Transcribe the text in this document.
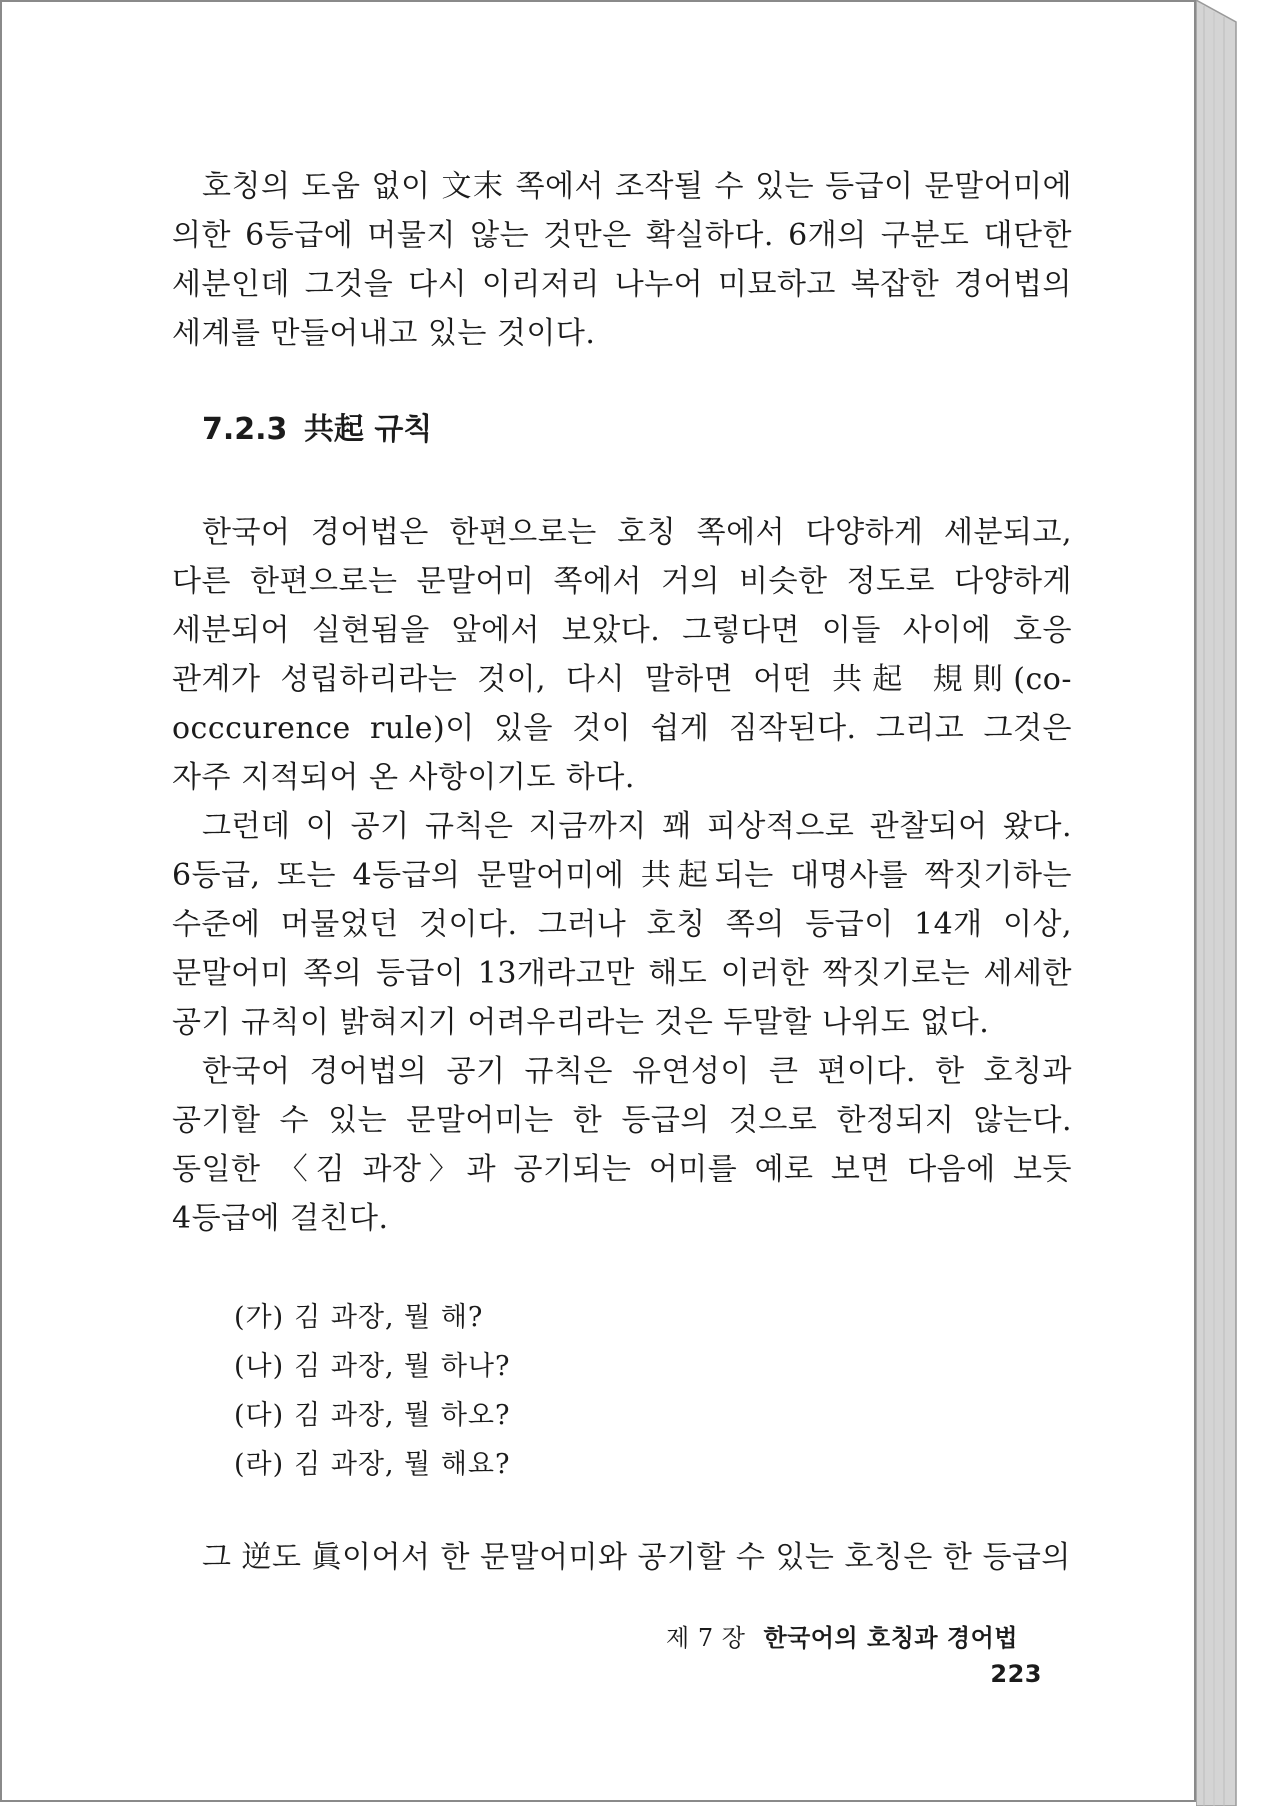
호칭의 도움 없이 文末 쪽에서 조작될 수 있는 등급이 문말어미에 의한 6등급에 머물지 않는 것만은 확실하다. 6개의 구분도 대단한 세분인데 그것을 다시 이리저리 나누어 미묘하고 복잡한 경어법의 세계를 만들어내고 있는 것이다.

7.2.3 共起 규칙

한국어 경어법은 한편으로는 호칭 쪽에서 다양하게 세분되고, 다른 한편으로는 문말어미 쪽에서 거의 비슷한 정도로 다양하게 세분되어 실현됨을 앞에서 보았다. 그렇다면 이들 사이에 호응 관계가 성립하리라는 것이, 다시 말하면 어떤 共起 規則(co-occcurence rule)이 있을 것이 쉽게 짐작된다. 그리고 그것은 자주 지적되어 온 사항이기도 하다.

그런데 이 공기 규칙은 지금까지 꽤 피상적으로 관찰되어 왔다. 6등급, 또는 4등급의 문말어미에 共起되는 대명사를 짝짓기하는 수준에 머물었던 것이다. 그러나 호칭 쪽의 등급이 14개 이상, 문말어미 쪽의 등급이 13개라고만 해도 이러한 짝짓기로는 세세한 공기 규칙이 밝혀지기 어려우리라는 것은 두말할 나위도 없다.

한국어 경어법의 공기 규칙은 유연성이 큰 편이다. 한 호칭과 공기할 수 있는 문말어미는 한 등급의 것으로 한정되지 않는다. 동일한 〈김 과장〉과 공기되는 어미를 예로 보면 다음에 보듯 4등급에 걸친다.

(가) 김 과장, 뭘 해?
(나) 김 과장, 뭘 하나?
(다) 김 과장, 뭘 하오?
(라) 김 과장, 뭘 해요?

그 逆도 眞이어서 한 문말어미와 공기할 수 있는 호칭은 한 등급의

제 7 장 한국어의 호칭과 경어법223
